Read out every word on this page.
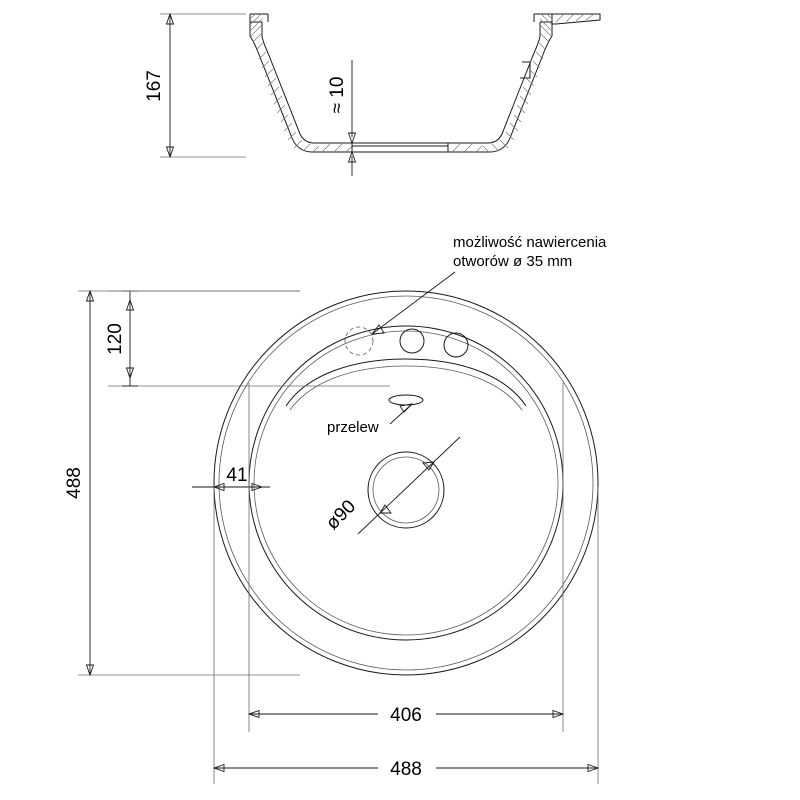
167	≈ 10
możliwość nawiercenia
otworów ø 35 mm
przelew
ø90
41
120
488
406
488
